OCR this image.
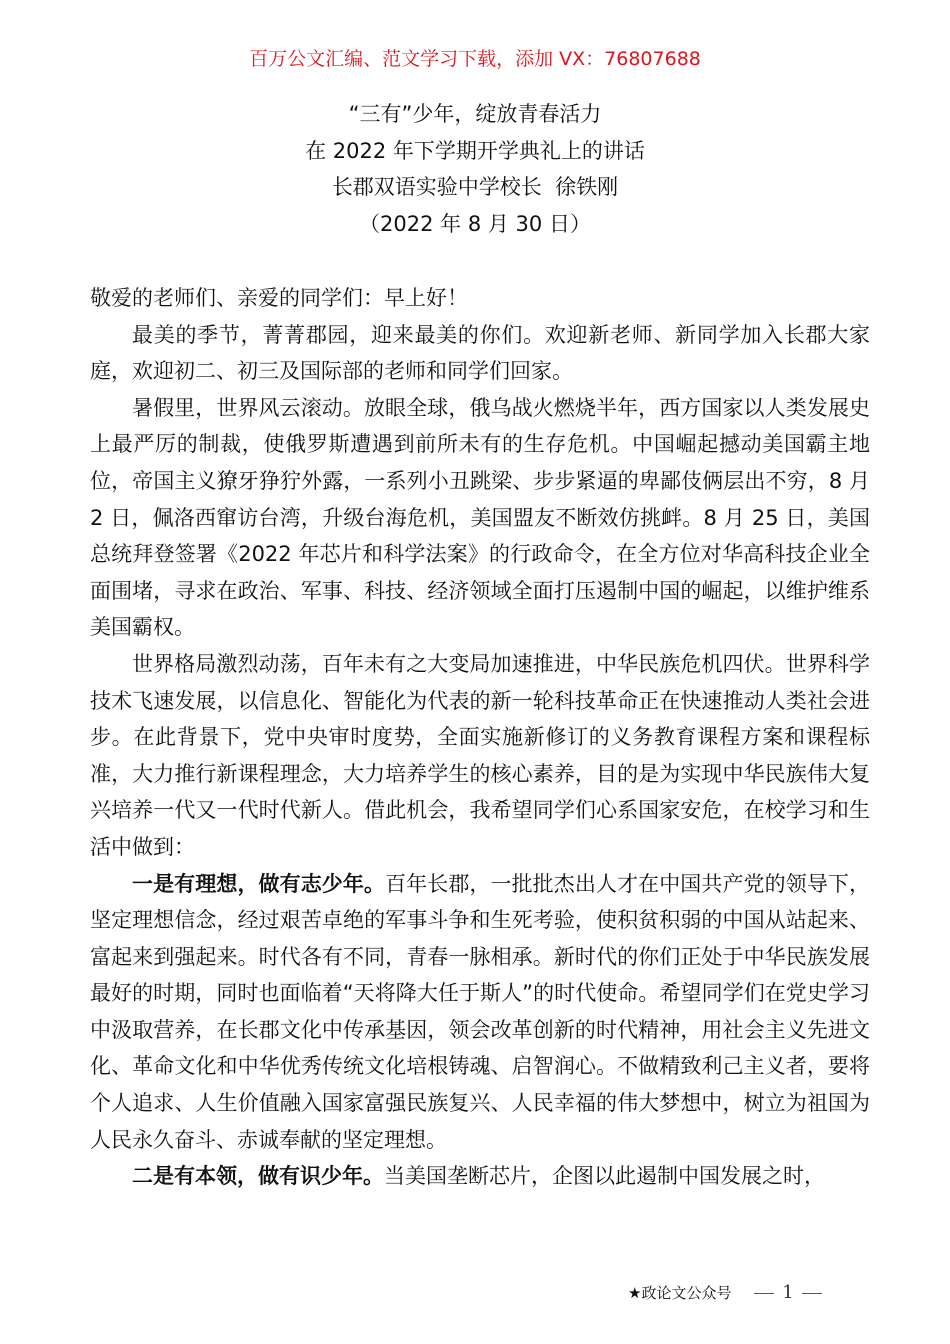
百万公文汇编、范文学习下载，添加 VX：76807688
“三有”少年，绽放青春活力
在 2022 年下学期开学典礼上的讲话
长郡双语实验中学校长  徐铁刚
（2022 年 8 月 30 日）

敬爱的老师们、亲爱的同学们：早上好！

最美的季节，菁菁郡园，迎来最美的你们。欢迎新老师、新同学加入长郡大家庭，欢迎初二、初三及国际部的老师和同学们回家。

暑假里，世界风云滚动。放眼全球，俄乌战火燃烧半年，西方国家以人类发展史上最严厉的制裁，使俄罗斯遭遇到前所未有的生存危机。中国崛起撼动美国霸主地位，帝国主义獠牙狰狞外露，一系列小丑跳梁、步步紧逼的卑鄙伎俩层出不穷，8 月 2 日，佩洛西窜访台湾，升级台海危机，美国盟友不断效仿挑衅。8 月 25 日，美国总统拜登签署《2022 年芯片和科学法案》的行政命令，在全方位对华高科技企业全面围堵，寻求在政治、军事、科技、经济领域全面打压遏制中国的崛起，以维护维系美国霸权。

世界格局激烈动荡，百年未有之大变局加速推进，中华民族危机四伏。世界科学技术飞速发展，以信息化、智能化为代表的新一轮科技革命正在快速推动人类社会进步。在此背景下，党中央审时度势，全面实施新修订的义务教育课程方案和课程标准，大力推行新课程理念，大力培养学生的核心素养，目的是为实现中华民族伟大复兴培养一代又一代时代新人。借此机会，我希望同学们心系国家安危，在校学习和生活中做到：

一是有理想，做有志少年。百年长郡，一批批杰出人才在中国共产党的领导下，坚定理想信念，经过艰苦卓绝的军事斗争和生死考验，使积贫积弱的中国从站起来、富起来到强起来。时代各有不同，青春一脉相承。新时代的你们正处于中华民族发展最好的时期，同时也面临着“天将降大任于斯人”的时代使命。希望同学们在党史学习中汲取营养，在长郡文化中传承基因，领会改革创新的时代精神，用社会主义先进文化、革命文化和中华优秀传统文化培根铸魂、启智润心。不做精致利己主义者，要将个人追求、人生价值融入国家富强民族复兴、人民幸福的伟大梦想中，树立为祖国为人民永久奋斗、赤诚奉献的坚定理想。

二是有本领，做有识少年。当美国垄断芯片，企图以此遏制中国发展之时，

★政论文公众号	1
